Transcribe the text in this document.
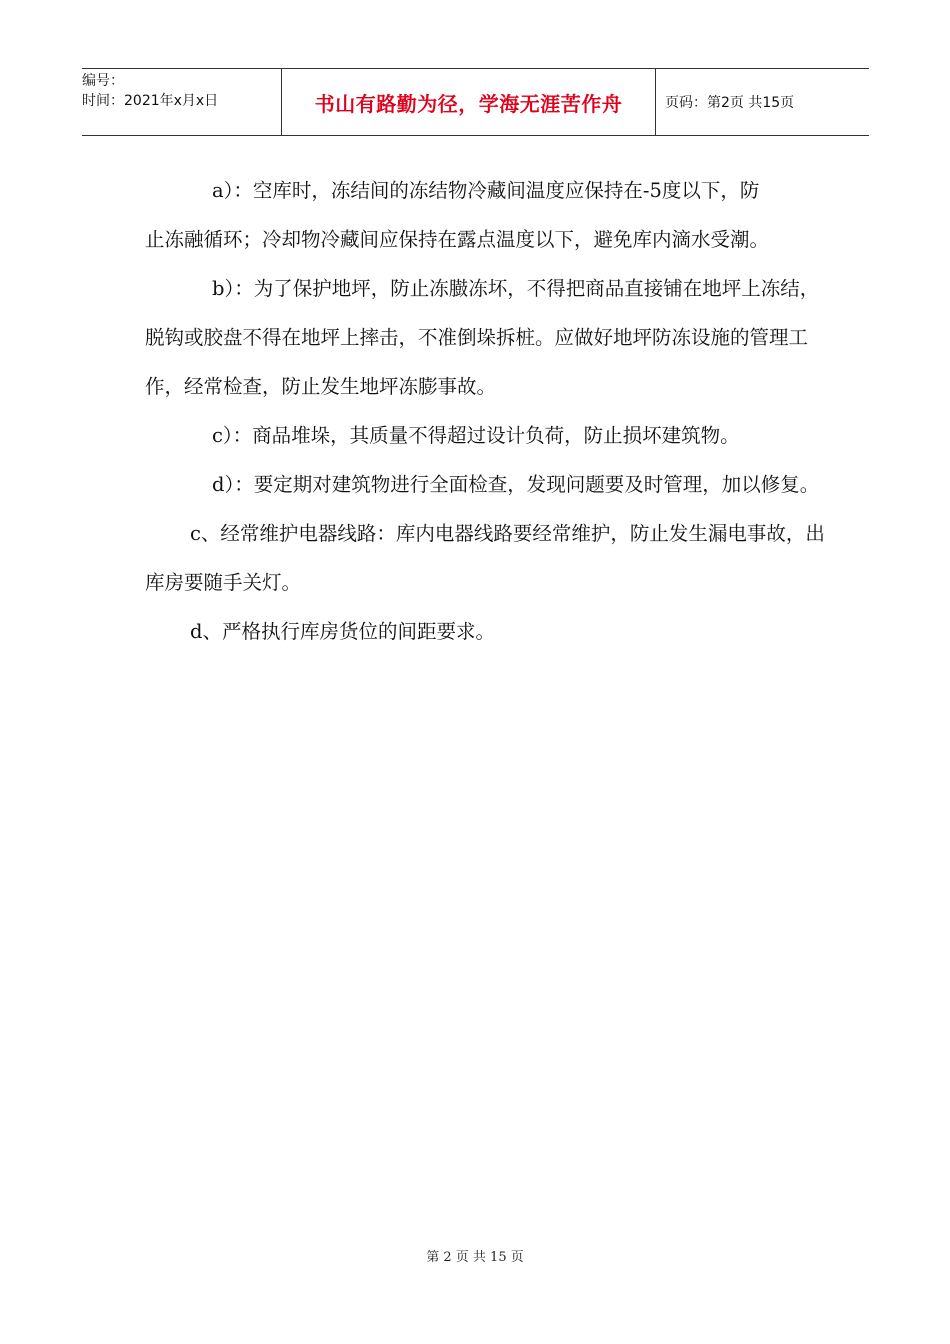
编号：
时间：2021年x月x日	书山有路勤为径，学海无涯苦作舟	页码：第2页 共15页

a）：空库时，冻结间的冻结物冷藏间温度应保持在-5度以下，防

止冻融循环；冷却物冷藏间应保持在露点温度以下，避免库内滴水受潮。

b）：为了保护地坪，防止冻臌冻坏，不得把商品直接铺在地坪上冻结，脱钩或胶盘不得在地坪上摔击，不准倒垛拆桩。应做好地坪防冻设施的管理工作，经常检查，防止发生地坪冻膨事故。

c）：商品堆垛，其质量不得超过设计负荷，防止损坏建筑物。

d）：要定期对建筑物进行全面检查，发现问题要及时管理，加以修复。

c、经常维护电器线路：库内电器线路要经常维护，防止发生漏电事故，出库房要随手关灯。

d、严格执行库房货位的间距要求。

第 2 页 共 15 页
